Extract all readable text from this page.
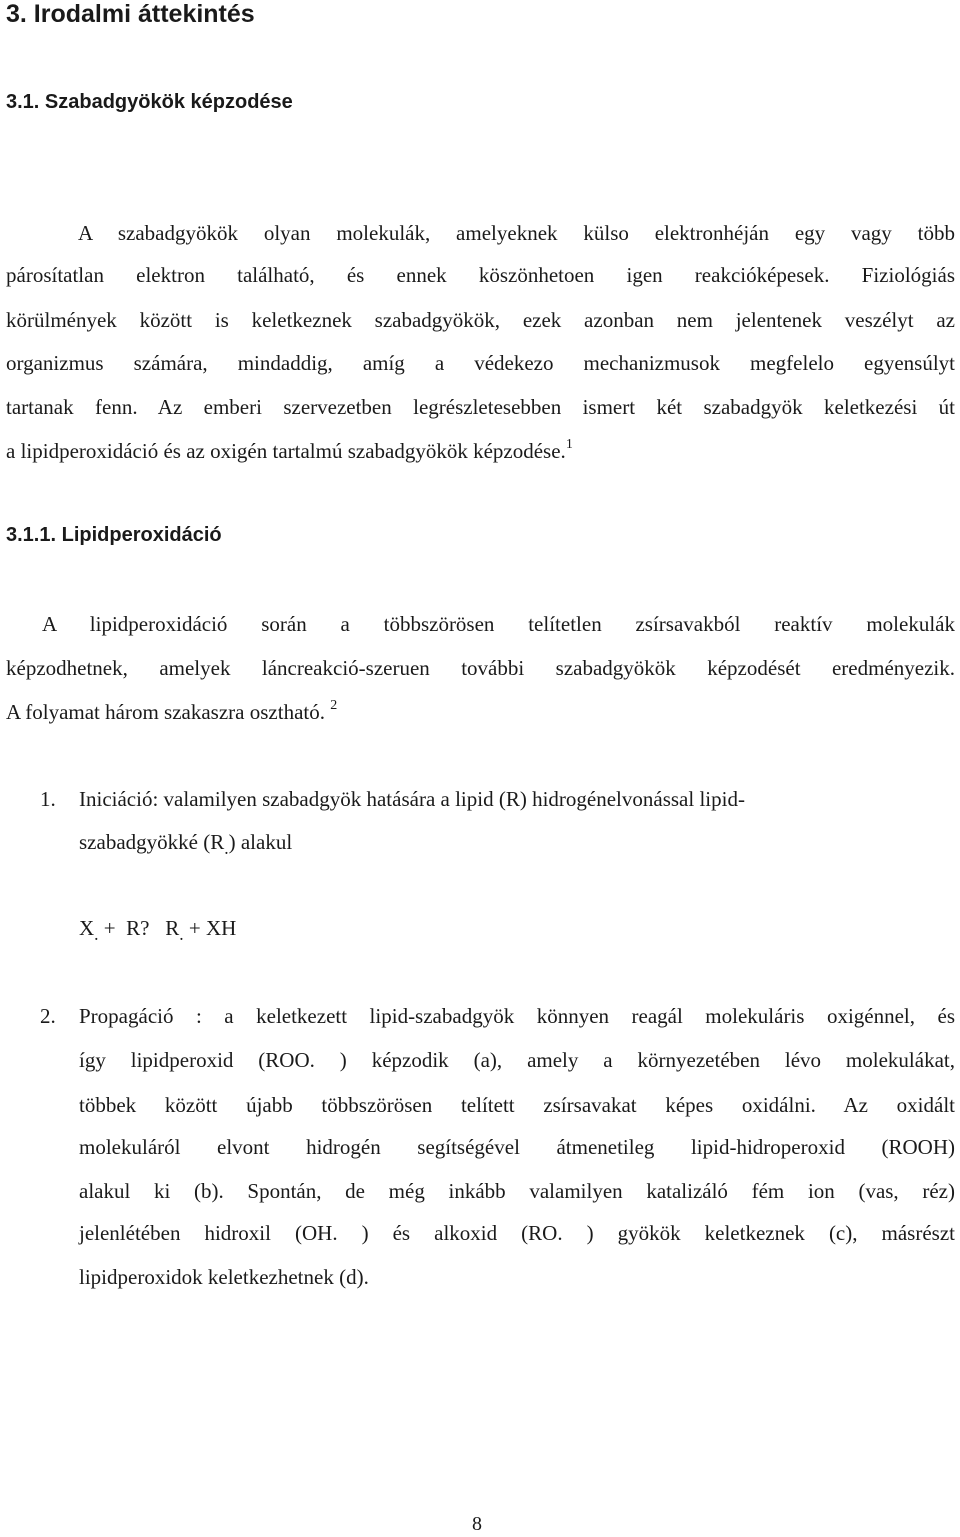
3. Irodalmi áttekintés
3.1. Szabadgyökök képzodése
A szabadgyökök olyan molekulák, amelyeknek külso elektronhéján egy vagy több
párosítatlan elektron található, és ennek köszönhetoen igen reakcióképesek. Fiziológiás
körülmények között is keletkeznek szabadgyökök, ezek azonban nem jelentenek veszélyt az
organizmus számára, mindaddig, amíg a védekezo mechanizmusok megfelelo egyensúlyt
tartanak fenn. Az emberi szervezetben legrészletesebben ismert két szabadgyök keletkezési út
a lipidperoxidáció és az oxigén tartalmú szabadgyökök képzodése.$^1$
3.1.1. Lipidperoxidáció
A lipidperoxidáció során a többszörösen telítetlen zsírsavakból reaktív molekulák
képzodhetnek, amelyek láncreakció-szeruen további szabadgyökök képzodését eredményezik.
A folyamat három szakaszra osztható. $^2$
1. Iniciáció: valamilyen szabadgyök hatására a lipid (R) hidrogénelvonással lipid-
szabadgyökké $(R_.)$ alakul
$X_. + R$?   $R_.$ + XH
2. Propagáció : a keletkezett lipid-szabadgyök könnyen reagál molekuláris oxigénnel, és
így lipidperoxid (ROO. ) képzodik (a), amely a környezetében lévo molekulákat,
többek között újabb többszörösen telített zsírsavakat képes oxidálni. Az oxidált
molekuláról elvont hidrogén segítségével átmenetileg lipid-hidroperoxid (ROOH)
alakul ki (b). Spontán, de még inkább valamilyen katalizáló fém ion (vas, réz)
jelenlétében hidroxil (OH. ) és alkoxid (RO. ) gyökök keletkeznek (c), másrészt
lipidperoxidok keletkezhetnek (d).
8
